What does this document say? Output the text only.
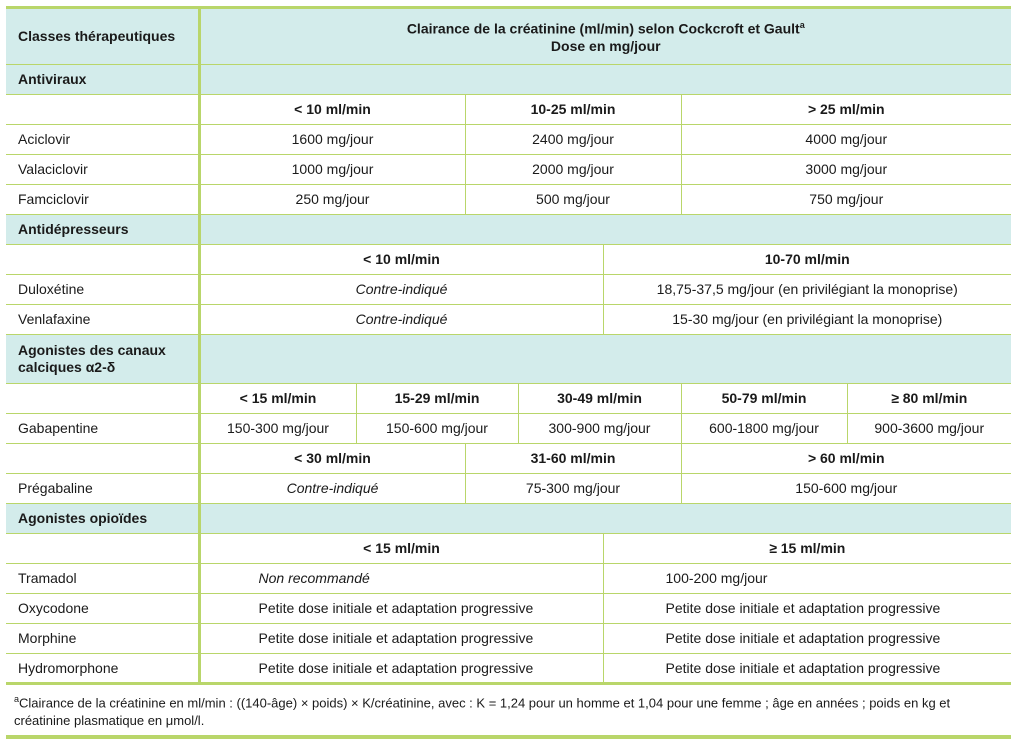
Classes thérapeutiques	Clairance de la créatinine (ml/min) selon Cockcroft et Gault$^a$
Dose en mg/jour						
Antiviraux							
	< 10 ml/min		10-25 ml/min			> 25 ml/min	
Aciclovir	1600 mg/jour		2400 mg/jour			4000 mg/jour	
Valaciclovir	1000 mg/jour		2000 mg/jour			3000 mg/jour	
Famciclovir	250 mg/jour		500 mg/jour			750 mg/jour	
Antidépresseurs							
	< 10 ml/min				10-70 ml/min		
Duloxétine	Contre-indiqué				18,75-37,5 mg/jour (en privilégiant la monoprise)		
Venlafaxine	Contre-indiqué				15-30 mg/jour (en privilégiant la monoprise)		
Agonistes des canaux
calciques α2-δ							
	< 15 ml/min	15-29 ml/min		30-49 ml/min		50-79 ml/min	≥ 80 ml/min
Gabapentine	150-300 mg/jour	150-600 mg/jour		300-900 mg/jour		600-1800 mg/jour	900-3600 mg/jour
	< 30 ml/min		31-60 ml/min			> 60 ml/min	
Prégabaline	Contre-indiqué		75-300 mg/jour			150-600 mg/jour	
Agonistes opioïdes							
	< 15 ml/min				≥ 15 ml/min		
Tramadol	Non recommandé				100-200 mg/jour		
Oxycodone	Petite dose initiale et adaptation progressive				Petite dose initiale et adaptation progressive		
Morphine	Petite dose initiale et adaptation progressive				Petite dose initiale et adaptation progressive		
Hydromorphone	Petite dose initiale et adaptation progressive				Petite dose initiale et adaptation progressive		
$^a$Clairance de la créatinine en ml/min : ((140-âge) × poids) × K/créatinine, avec : K = 1,24 pour un homme et 1,04 pour une femme ; âge en années ; poids en kg et créatinine plasmatique en μmol/l.							
